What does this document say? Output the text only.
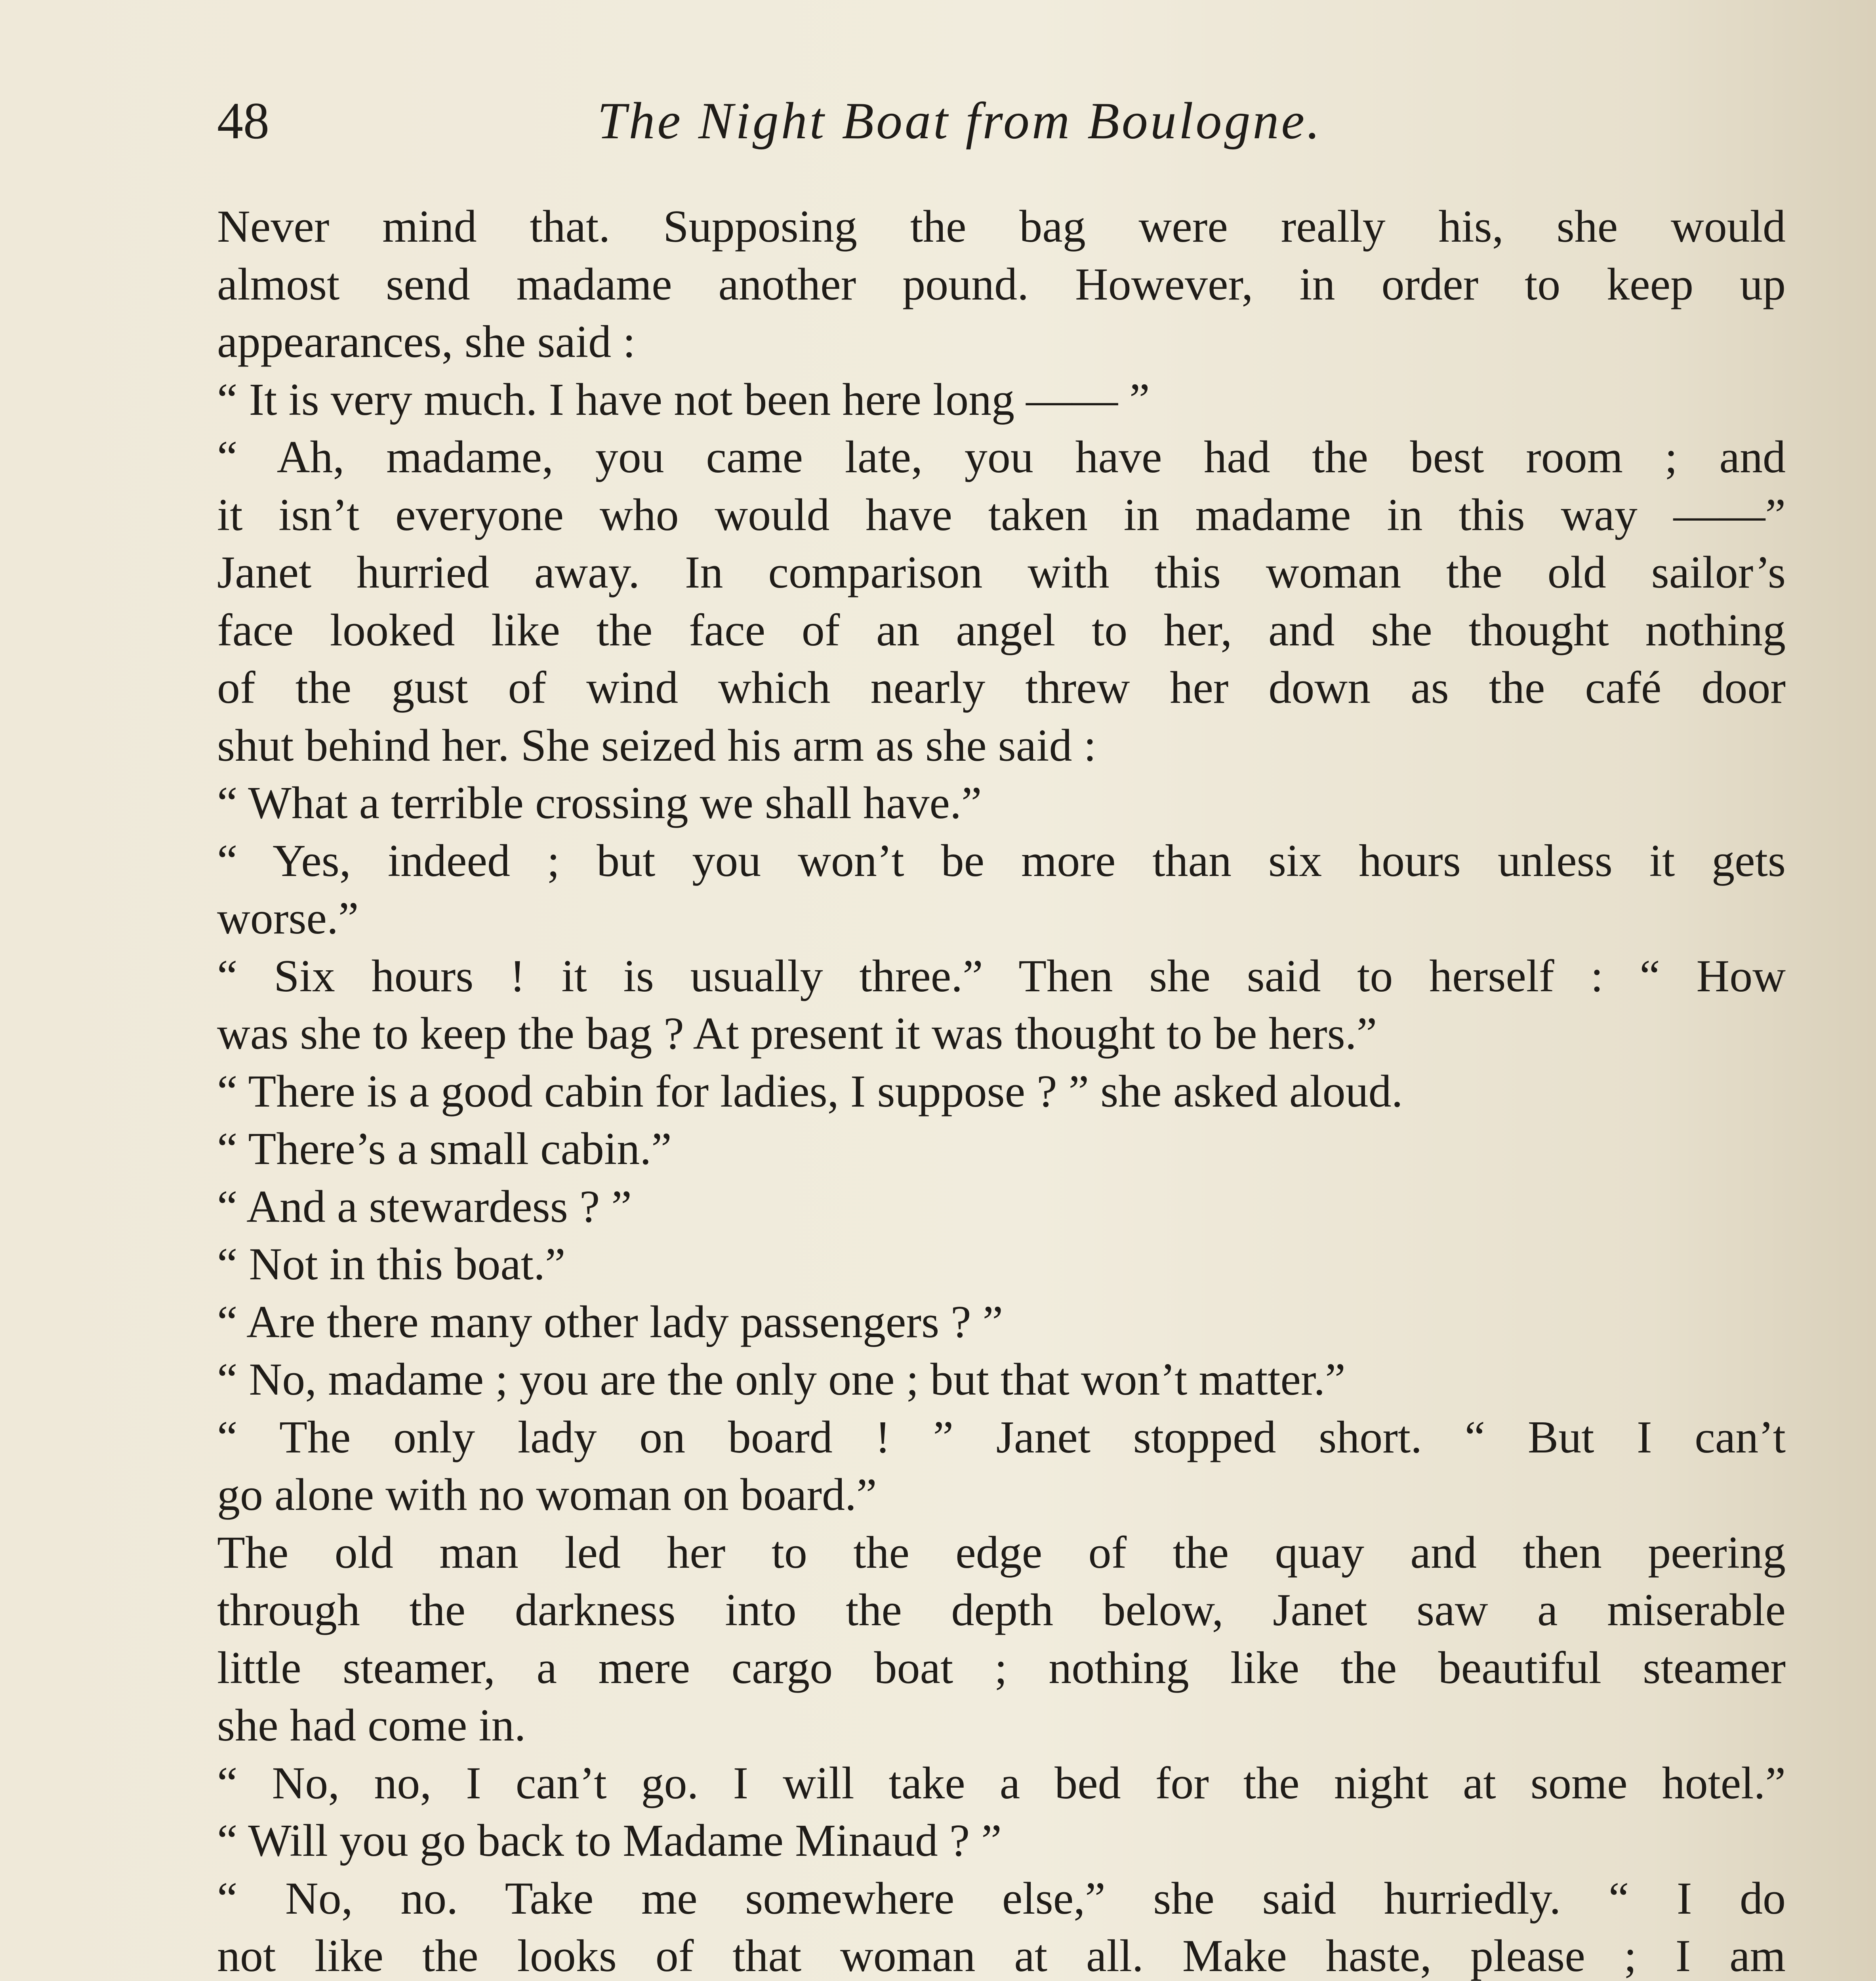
48	The Night Boat from Boulogne.
Never mind that. Supposing the bag were really his, she would
almost send madame another pound. However, in order to keep up
appearances, she said :
“ It is very much. I have not been here long —— ”
“ Ah, madame, you came late, you have had the best room ; and
it isn’t everyone who would have taken in madame in this way ——”
Janet hurried away. In comparison with this woman the old sailor’s
face looked like the face of an angel to her, and she thought nothing
of the gust of wind which nearly threw her down as the café door
shut behind her. She seized his arm as she said :
“ What a terrible crossing we shall have.”
“ Yes, indeed ; but you won’t be more than six hours unless it gets
worse.”
“ Six hours ! it is usually three.” Then she said to herself : “ How
was she to keep the bag ? At present it was thought to be hers.”
“ There is a good cabin for ladies, I suppose ? ” she asked aloud.
“ There’s a small cabin.”
“ And a stewardess ? ”
“ Not in this boat.”
“ Are there many other lady passengers ? ”
“ No, madame ; you are the only one ; but that won’t matter.”
“ The only lady on board ! ” Janet stopped short. “ But I can’t
go alone with no woman on board.”
The old man led her to the edge of the quay and then peering
through the darkness into the depth below, Janet saw a miserable
little steamer, a mere cargo boat ; nothing like the beautiful steamer
she had come in.
“ No, no, I can’t go. I will take a bed for the night at some hotel.”
“ Will you go back to Madame Minaud ? ”
“ No, no. Take me somewhere else,” she said hurriedly. “ I do
not like the looks of that woman at all. Make haste, please ; I am
